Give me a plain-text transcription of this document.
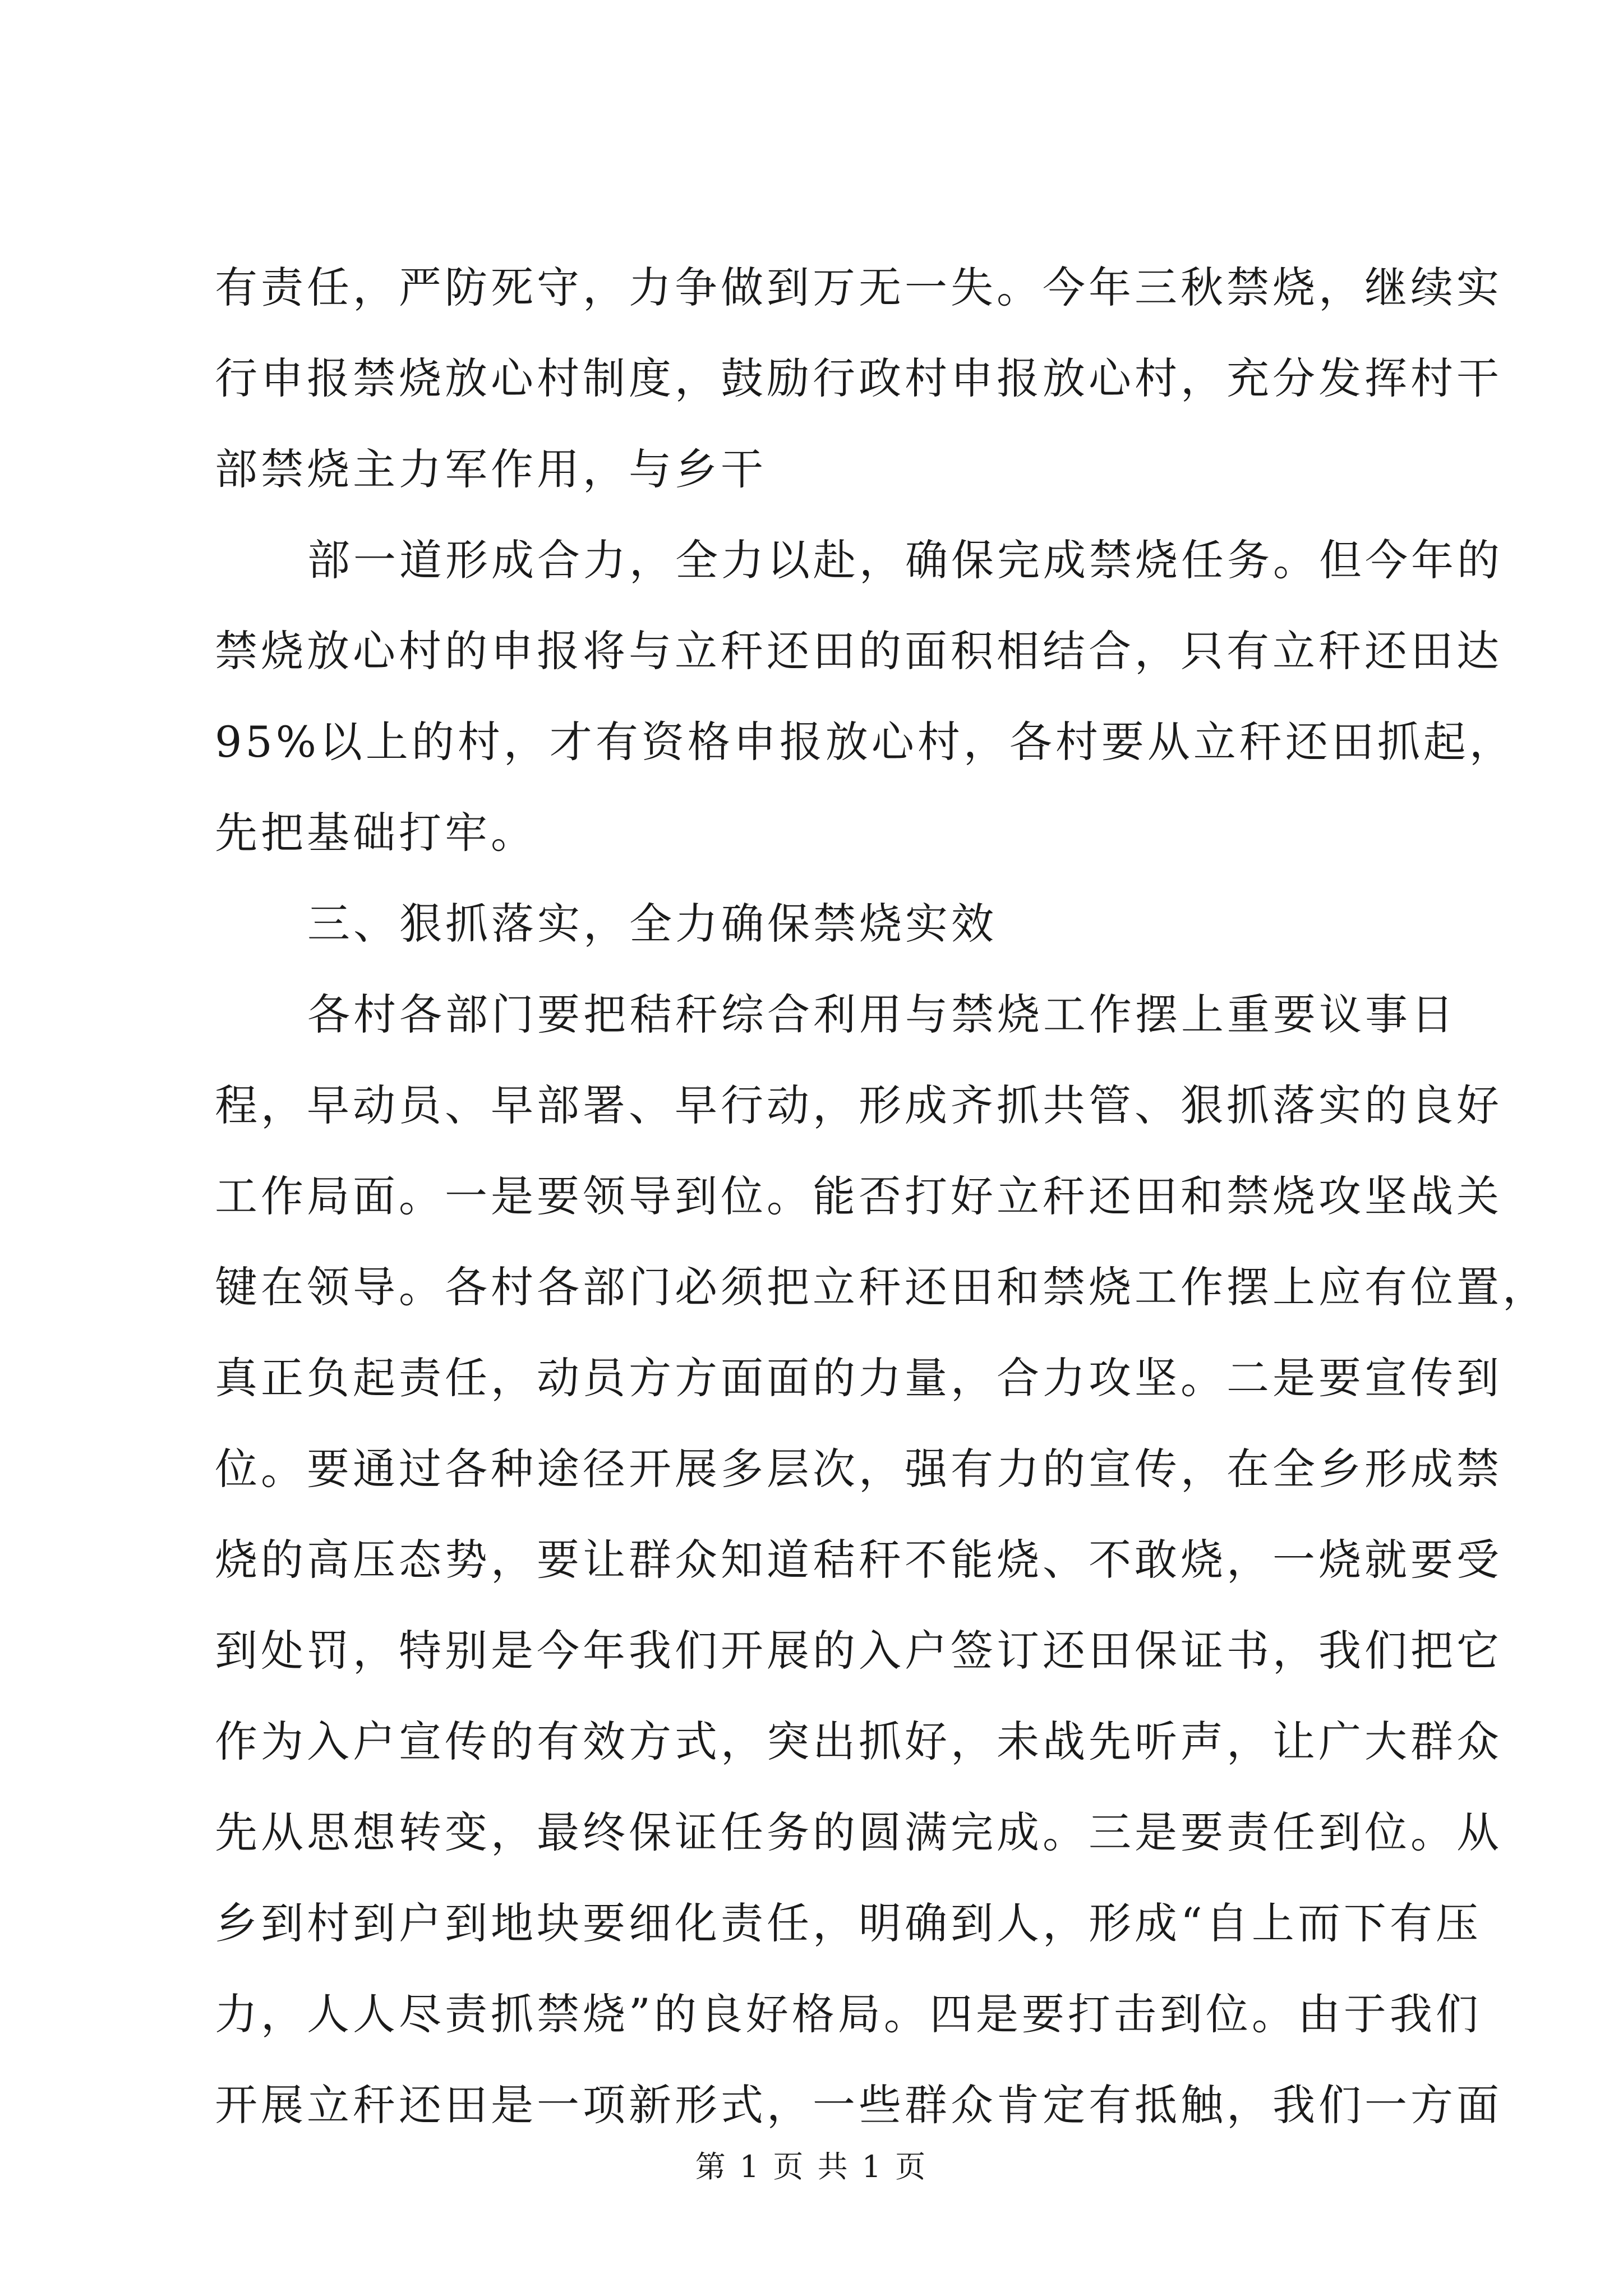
有责任，严防死守，力争做到万无一失。今年三秋禁烧，继续实
行申报禁烧放心村制度，鼓励行政村申报放心村，充分发挥村干
部禁烧主力军作用，与乡干
部一道形成合力，全力以赴，确保完成禁烧任务。但今年的
禁烧放心村的申报将与立秆还田的面积相结合，只有立秆还田达
95%以上的村，才有资格申报放心村，各村要从立秆还田抓起，
先把基础打牢。
三、狠抓落实，全力确保禁烧实效
各村各部门要把秸秆综合利用与禁烧工作摆上重要议事日
程，早动员、早部署、早行动，形成齐抓共管、狠抓落实的良好
工作局面。一是要领导到位。能否打好立秆还田和禁烧攻坚战关
键在领导。各村各部门必须把立秆还田和禁烧工作摆上应有位置，
真正负起责任，动员方方面面的力量，合力攻坚。二是要宣传到
位。要通过各种途径开展多层次，强有力的宣传，在全乡形成禁
烧的高压态势，要让群众知道秸秆不能烧、不敢烧，一烧就要受
到处罚，特别是今年我们开展的入户签订还田保证书，我们把它
作为入户宣传的有效方式，突出抓好，未战先听声，让广大群众
先从思想转变，最终保证任务的圆满完成。三是要责任到位。从
乡到村到户到地块要细化责任，明确到人，形成“自上而下有压
力，人人尽责抓禁烧”的良好格局。四是要打击到位。由于我们
开展立秆还田是一项新形式，一些群众肯定有抵触，我们一方面
第 1 页 共 1 页
